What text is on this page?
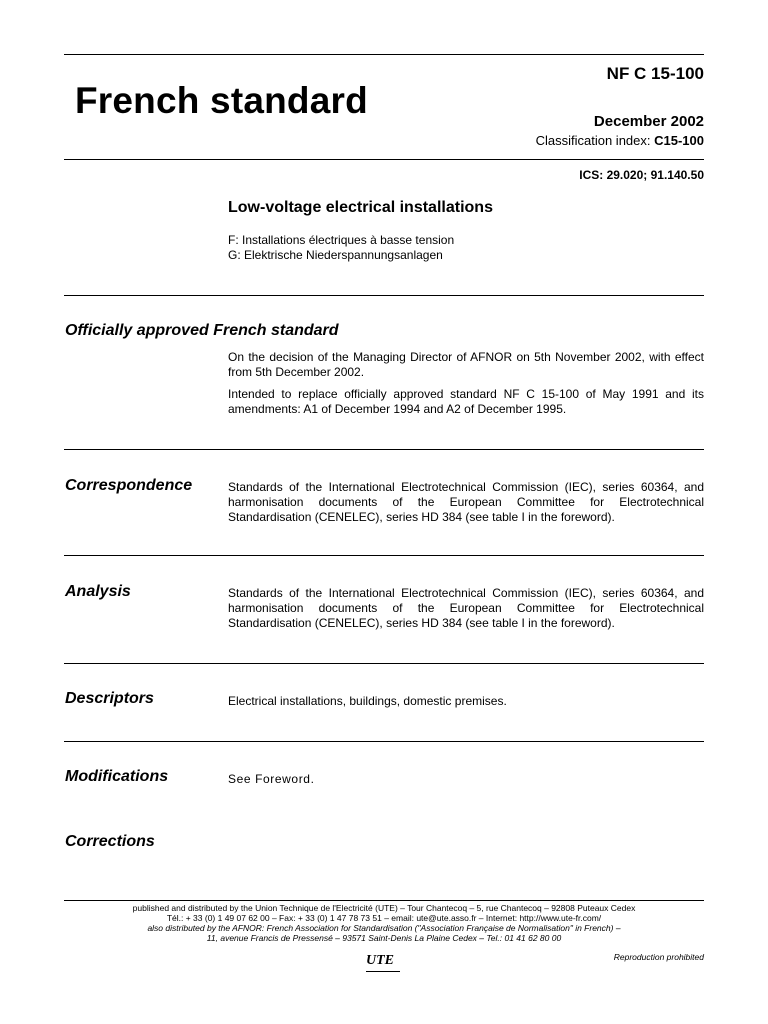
French standard
NF C 15-100
December 2002
Classification index: C15-100
ICS: 29.020; 91.140.50
Low-voltage electrical installations
F: Installations électriques à basse tension
G: Elektrische Niederspannungsanlagen
Officially approved French standard
On the decision of the Managing Director of AFNOR on 5th November 2002, with effect from 5th December 2002.
Intended to replace officially approved standard NF C 15-100 of May 1991 and its amendments: A1 of December 1994 and A2 of December 1995.
Correspondence	Standards of the International Electrotechnical Commission (IEC), series 60364, and harmonisation documents of the European Committee for Electrotechnical Standardisation (CENELEC), series HD 384 (see table I in the foreword).
Analysis	Standards of the International Electrotechnical Commission (IEC), series 60364, and harmonisation documents of the European Committee for Electrotechnical Standardisation (CENELEC), series HD 384 (see table I in the foreword).
Descriptors	Electrical installations, buildings, domestic premises.
Modifications	See Foreword.
Corrections
published and distributed by the Union Technique de l'Electricité (UTE) – Tour Chantecoq – 5, rue Chantecoq – 92808 Puteaux Cedex
Tél.: + 33 (0) 1 49 07 62 00 – Fax: + 33 (0) 1 47 78 73 51 – email: ute@ute.asso.fr – Internet: http://www.ute-fr.com/
also distributed by the AFNOR: French Association for Standardisation ("Association Française de Normalisation" in French) –
11, avenue Francis de Pressensé – 93571 Saint-Denis La Plaine Cedex – Tel.: 01 41 62 80 00
UTE	Reproduction prohibited
